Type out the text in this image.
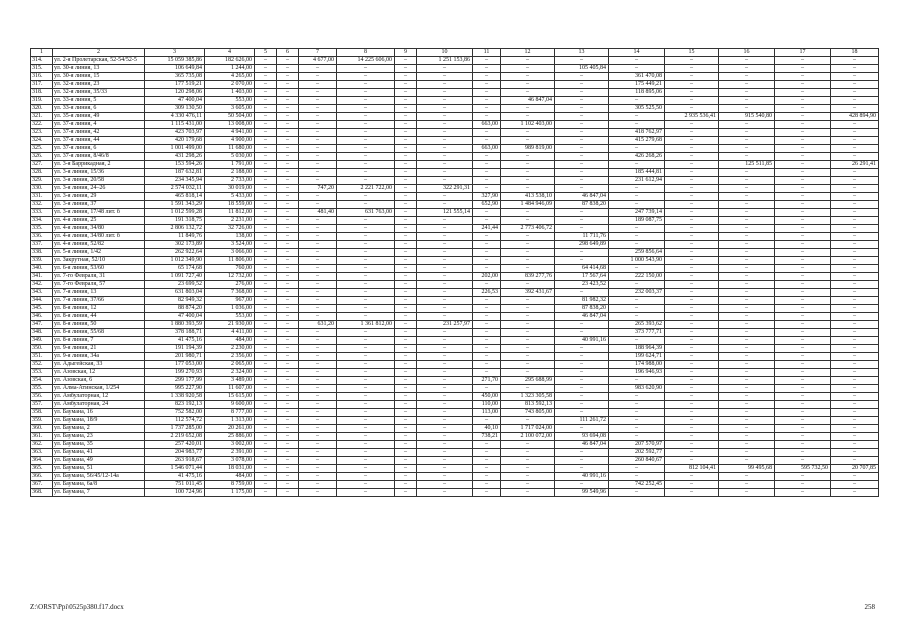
1	2	3	4	5	6	7	8	9	10	11	12	13	14	15	16	17	18
314.	ул. 2-я Пролетарская, 52-54/52-5	15 059 385,86	182 626,00	–	–	4 677,00	14 225 606,00	–	1 251 153,86	–	–	–	–	–	–	–	–
315.	ул. 30-я линия, 13	106 649,84	1 244,00	–	–	–	–	–	–	–	–	105 405,84	–	–	–	–	–
316.	ул. 30-я линия, 15	365 735,08	4 265,00	–	–	–	–	–	–	–	–	–	361 470,08	–	–	–	–
317.	ул. 32-я линия, 23	177 519,21	2 070,00	–	–	–	–	–	–	–	–	–	175 449,21	–	–	–	–
318.	ул. 32-я линия, 35/33	120 298,06	1 403,00	–	–	–	–	–	–	–	–	–	118 895,06	–	–	–	–
319.	ул. 33-я линия, 5	47 400,04	553,00	–	–	–	–	–	–	–	46 847,04	–	–	–	–	–	–
320.	ул. 33-я линия, 6	309 130,50	3 605,00	–	–	–	–	–	–	–	–	–	305 525,50	–	–	–	–
321.	ул. 35-я линия, 49	4 330 476,11	50 504,00	–	–	–	–	–	–	–	–	–	–	2 935 536,41	915 540,80	–	428 894,90
322.	ул. 37-я линия, 4	1 115 431,00	13 008,00	–	–	–	–	–	–	663,00	1 102 403,00	–	–	–	–	–	–
323.	ул. 37-я линия, 42	423 703,97	4 941,00	–	–	–	–	–	–	–	–	–	418 762,97	–	–	–	–
324.	ул. 37-я линия, 44	420 179,68	4 900,00	–	–	–	–	–	–	–	–	–	415 279,68	–	–	–	–
325.	ул. 37-я линия, 6	1 001 499,00	11 680,00	–	–	–	–	–	–	663,00	989 819,00	–	–	–	–	–	–
326.	ул. 37-я линия, 8/46/8	431 298,26	5 030,00	–	–	–	–	–	–	–	–	–	426 268,26	–	–	–	–
327.	ул. 3-я Баррикадная, 2	153 594,26	1 791,00	–	–	–	–	–	–	–	–	–	–	–	125 511,85	–	26 291,41
328.	ул. 3-я линия, 15/36	187 632,81	2 188,00	–	–	–	–	–	–	–	–	–	185 444,81	–	–	–	–
329.	ул. 3-я линия, 20/58	234 345,94	2 733,00	–	–	–	–	–	–	–	–	–	231 612,94	–	–	–	–
330.	ул. 3-я линия, 24–26	2 574 032,11	30 019,00	–	–	747,20	2 221 722,00	–	322 291,31	–	–	–	–	–	–	–	–
331.	ул. 3-я линия, 29	465 818,14	5 433,00	–	–	–	–	–	–	327,90	413 538,10	46 847,04	–	–	–	–	–
332.	ул. 3-я линия, 37	1 591 343,29	18 559,00	–	–	–	–	–	–	652,90	1 484 946,09	87 838,20	–	–	–	–	–
333.	ул. 3-я линия, 17/48 лит. б	1 012 599,28	11 812,00	–	–	481,40	631 763,00	–	121 555,14	–	–	–	247 739,14	–	–	–	–
334.	ул. 4-я линия, 25	191 318,75	2 231,00	–	–	–	–	–	–	–	–	–	189 087,75	–	–	–	–
335.	ул. 4-я линия, 34/80	2 806 132,72	32 726,00	–	–	–	–	–	–	241,44	2 773 406,72	–	–	–	–	–	–
336.	ул. 4-я линия, 34/80 лит. б	11 849,76	138,00	–	–	–	–	–	–	–	–	11 711,76	–	–	–	–	–
337.	ул. 4-я линия, 52/82	302 173,89	3 524,00	–	–	–	–	–	–	–	–	298 649,89	–	–	–	–	–
338.	ул. 5-я линия, 1/42	262 922,64	3 066,00	–	–	–	–	–	–	–	–	–	259 856,64	–	–	–	–
339.	ул. Закрутная, 52/10	1 012 349,90	11 806,00	–	–	–	–	–	–	–	–	–	1 000 543,90	–	–	–	–
340.	ул. 6-я линия, 53/60	65 174,68	760,00	–	–	–	–	–	–	–	–	64 414,68	–	–	–	–	–
341.	ул. 7-го Февраля, 31	1 091 727,40	12 732,00	–	–	–	–	–	–	202,00	839 277,76	17 567,64	222 150,00	–	–	–	–
342.	ул. 7-го Февраля, 57	23 699,52	276,00	–	–	–	–	–	–	–	–	23 423,52	–	–	–	–	–
343.	ул. 7-я линия, 13	631 803,04	7 368,00	–	–	–	–	–	–	226,53	392 431,67	–	232 003,37	–	–	–	–
344.	ул. 7-я линия, 37/66	82 949,32	967,00	–	–	–	–	–	–	–	–	81 982,32	–	–	–	–	–
345.	ул. 8-я линия, 12	88 874,20	1 036,00	–	–	–	–	–	–	–	–	87 838,20	–	–	–	–	–
346.	ул. 8-я линия, 44	47 400,04	553,00	–	–	–	–	–	–	–	–	46 847,04	–	–	–	–	–
347.	ул. 8-я линия, 50	1 880 393,59	21 930,00	–	–	631,20	1 361 812,00	–	231 257,97	–	–	–	265 393,62	–	–	–	–
348.	ул. 8-я линия, 55/68	378 188,71	4 411,00	–	–	–	–	–	–	–	–	–	373 777,71	–	–	–	–
349.	ул. 8-я линия, 7	41 475,16	484,00	–	–	–	–	–	–	–	–	40 991,16	–	–	–	–	–
350.	ул. 9-я линия, 21	191 194,39	2 230,00	–	–	–	–	–	–	–	–	–	188 964,39	–	–	–	–
351.	ул. 9-я линия, 34а	201 980,71	2 356,00	–	–	–	–	–	–	–	–	–	199 624,71	–	–	–	–
352.	ул. Адыгейская, 33	177 053,00	2 065,00	–	–	–	–	–	–	–	–	–	174 988,00	–	–	–	–
353.	ул. Азовская, 12	199 270,93	2 324,00	–	–	–	–	–	–	–	–	–	196 946,93	–	–	–	–
354.	ул. Азовская, 6	299 177,99	3 489,00	–	–	–	–	–	–	271,70	295 688,99	–	–	–	–	–	–
355.	ул. Алма-Атинская, 1/254	995 227,90	11 607,00	–	–	–	–	–	–	–	–	–	983 620,90	–	–	–	–
356.	ул. Амбулаторная, 12	1 338 920,58	15 615,00	–	–	–	–	–	–	450,00	1 323 305,58	–	–	–	–	–	–
357.	ул. Амбулаторная, 24	823 192,13	9 600,00	–	–	–	–	–	–	110,00	813 592,13	–	–	–	–	–	–
358.	ул. Баумана, 16	752 582,00	8 777,00	–	–	–	–	–	–	113,00	743 805,00	–	–	–	–	–	–
359.	ул. Баумана, 18/9	112 574,72	1 313,00	–	–	–	–	–	–	–	–	111 261,72	–	–	–	–	–
360.	ул. Баумана, 2	1 737 285,00	20 261,00	–	–	–	–	–	–	40,10	1 717 024,00	–	–	–	–	–	–
361.	ул. Баумана, 23	2 219 652,08	25 886,00	–	–	–	–	–	–	738,21	2 100 072,00	93 694,08	–	–	–	–	–
362.	ул. Баумана, 35	257 420,01	3 002,00	–	–	–	–	–	–	–	–	46 847,04	207 570,97	–	–	–	–
363.	ул. Баумана, 41	204 983,77	2 391,00	–	–	–	–	–	–	–	–	–	202 592,77	–	–	–	–
364.	ул. Баумана, 49	263 918,67	3 078,00	–	–	–	–	–	–	–	–	–	260 840,67	–	–	–	–
365.	ул. Баумана, 51	1 546 071,44	18 031,00	–	–	–	–	–	–	–	–	–	–	812 104,41	99 495,68	595 732,50	20 707,85
366.	ул. Баумана, 56/45/12-14а	41 475,16	484,00	–	–	–	–	–	–	–	–	40 991,16	–	–	–	–	–
367.	ул. Баумана, 6а/8	751 011,45	8 759,00	–	–	–	–	–	–	–	–	–	742 252,45	–	–	–	–
368.	ул. Баумана, 7	100 724,96	1 175,00	–	–	–	–	–	–	–	–	99 549,96	–	–	–	–	–
Z:\ORST\Ppi\0525p380.f17.docx	258
